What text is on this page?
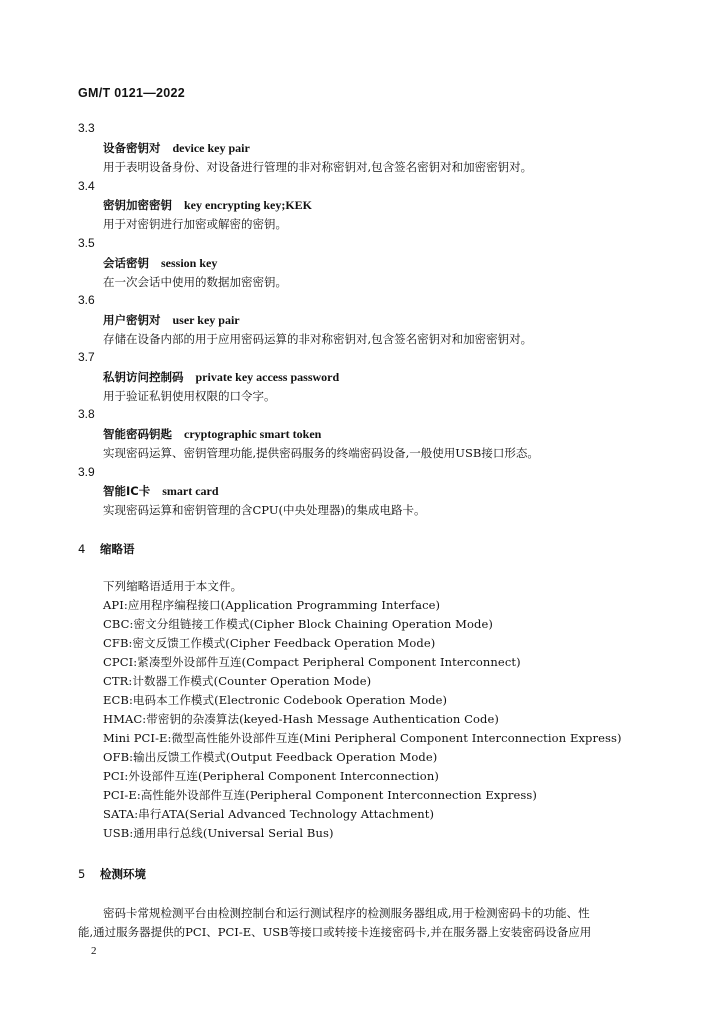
GM/T 0121—2022
3.3
设备密钥对 device key pair
用于表明设备身份、对设备进行管理的非对称密钥对,包含签名密钥对和加密密钥对。
3.4
密钥加密密钥 key encrypting key;KEK
用于对密钥进行加密或解密的密钥。
3.5
会话密钥 session key
在一次会话中使用的数据加密密钥。
3.6
用户密钥对 user key pair
存储在设备内部的用于应用密码运算的非对称密钥对,包含签名密钥对和加密密钥对。
3.7
私钥访问控制码 private key access password
用于验证私钥使用权限的口令字。
3.8
智能密码钥匙 cryptographic smart token
实现密码运算、密钥管理功能,提供密码服务的终端密码设备,一般使用USB接口形态。
3.9
智能IC卡 smart card
实现密码运算和密钥管理的含CPU(中央处理器)的集成电路卡。
4 缩略语
下列缩略语适用于本文件。
API:应用程序编程接口(Application Programming Interface)
CBC:密文分组链接工作模式(Cipher Block Chaining Operation Mode)
CFB:密文反馈工作模式(Cipher Feedback Operation Mode)
CPCI:紧凑型外设部件互连(Compact Peripheral Component Interconnect)
CTR:计数器工作模式(Counter Operation Mode)
ECB:电码本工作模式(Electronic Codebook Operation Mode)
HMAC:带密钥的杂凑算法(keyed-Hash Message Authentication Code)
Mini PCI-E:微型高性能外设部件互连(Mini Peripheral Component Interconnection Express)
OFB:输出反馈工作模式(Output Feedback Operation Mode)
PCI:外设部件互连(Peripheral Component Interconnection)
PCI-E:高性能外设部件互连(Peripheral Component Interconnection Express)
SATA:串行ATA(Serial Advanced Technology Attachment)
USB:通用串行总线(Universal Serial Bus)
5 检测环境
密码卡常规检测平台由检测控制台和运行测试程序的检测服务器组成,用于检测密码卡的功能、性
能,通过服务器提供的PCI、PCI-E、USB等接口或转接卡连接密码卡,并在服务器上安装密码设备应用
2
